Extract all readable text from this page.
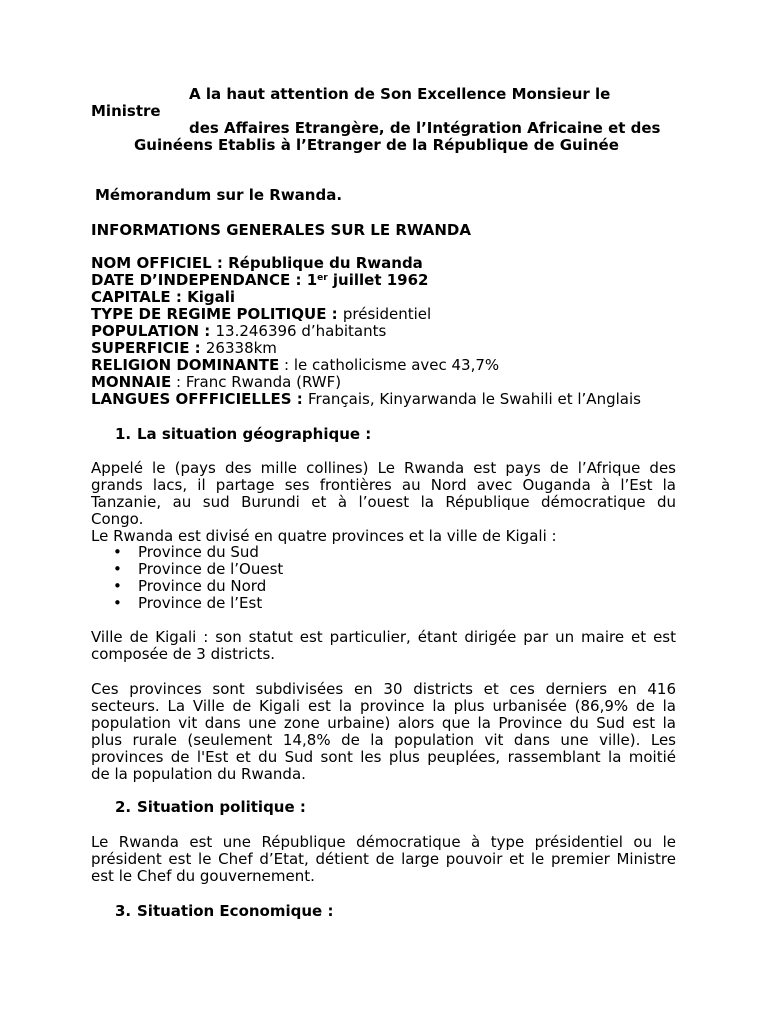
A la haut attention de Son Excellence Monsieur le
Ministre
des Affaires Etrangère, de l’Intégration Africaine et des
Guinéens Etablis à l’Etranger de la République de Guinée
Mémorandum sur le Rwanda.
INFORMATIONS GENERALES SUR LE RWANDA
NOM OFFICIEL : République du Rwanda
DATE D’INDEPENDANCE : 1er juillet 1962
CAPITALE : Kigali
TYPE DE REGIME POLITIQUE : présidentiel
POPULATION : 13.246396 d’habitants
SUPERFICIE : 26338km
RELIGION DOMINANTE : le catholicisme avec 43,7%
MONNAIE : Franc Rwanda (RWF)
LANGUES OFFFICIELLES : Français, Kinyarwanda le Swahili et l’Anglais
1. La situation géographique :
Appelé le (pays des mille collines) Le Rwanda est pays de l’Afrique des
grands lacs, il partage ses frontières au Nord avec Ouganda à l’Est la
Tanzanie, au sud Burundi et à l’ouest la République démocratique du
Congo.
Le Rwanda est divisé en quatre provinces et la ville de Kigali :
• Province du Sud
• Province de l’Ouest
• Province du Nord
• Province de l’Est
Ville de Kigali : son statut est particulier, étant dirigée par un maire et est
composée de 3 districts.
Ces provinces sont subdivisées en 30 districts et ces derniers en 416
secteurs. La Ville de Kigali est la province la plus urbanisée (86,9% de la
population vit dans une zone urbaine) alors que la Province du Sud est la
plus rurale (seulement 14,8% de la population vit dans une ville). Les
provinces de l'Est et du Sud sont les plus peuplées, rassemblant la moitié
de la population du Rwanda.
2. Situation politique :
Le Rwanda est une République démocratique à type présidentiel ou le
président est le Chef d’Etat, détient de large pouvoir et le premier Ministre
est le Chef du gouvernement.
3. Situation Economique :
